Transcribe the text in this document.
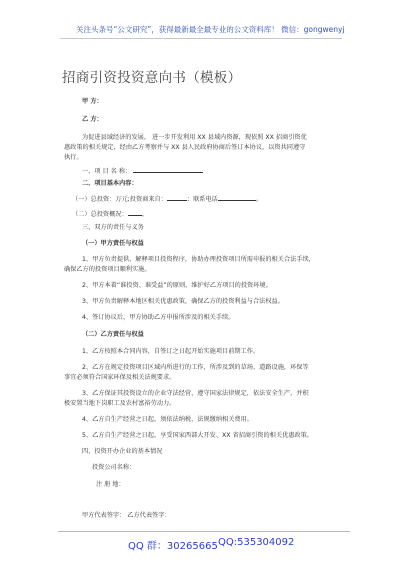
关注头条号“公文研究”，获得最新最全最专业的公文资料库！ 微信：gongwenyj
招商引资投资意向书（模板）
甲 方：
乙 方：
为促进县域经济的发展， 进一步开发利用 XX 县域内资源，现依照 XX 招商引资优
惠政策的相关规定，经由乙方考察并与 XX 县人民政府协商后签订本协议，以资共同遵守
执行。
一、项 目 名 称：
二、项目基本内容：
（一）总投资：万元;投资商来自：	；联系电话	。
（二）总投资概况： 。
三、双方的责任与义务
（一）甲方责任与权益
1、甲方负责提供、解释项目投资程序，协助办理投资项目所需申报的相关合法手续，
确保乙方的投资项目顺利实施。
2、甲方本着“谁投资、谁受益”的原则，维护好乙方项目的投资环境。
3、甲方负责解释本地区相关优惠政策，确保乙方的投资利益与合法权益。
4、签订协议后，甲方协助乙方申报所涉及的相关手续。
（二）乙方责任与权益
1、乙方按照本合同内容，自签订之日起开始实施项目前期工作。
2、乙方在规定投资项目区域内所进行的工作，所涉及到的草场、道路设施，环保等
事宜必须符合国家环保及相关法规要求。
3、乙方保证其投资设立的企业守法经营，遵守国家法律规定，依法安全生产，并积
极安置当地下岗职工及农村富裕劳动力。
4、乙方自生产经营之日起，须依法纳税、法规缴纳相关费用。
5、乙方自生产经营之日起，享受国家西部大开发、XX 省招商引资的相关优惠政策。
四、投资开办企业的基本情况
投资公司名称：
注 册 地：
甲方代表签字： 乙方代表签字：
QQ 群：30265665 QQ:535304092
